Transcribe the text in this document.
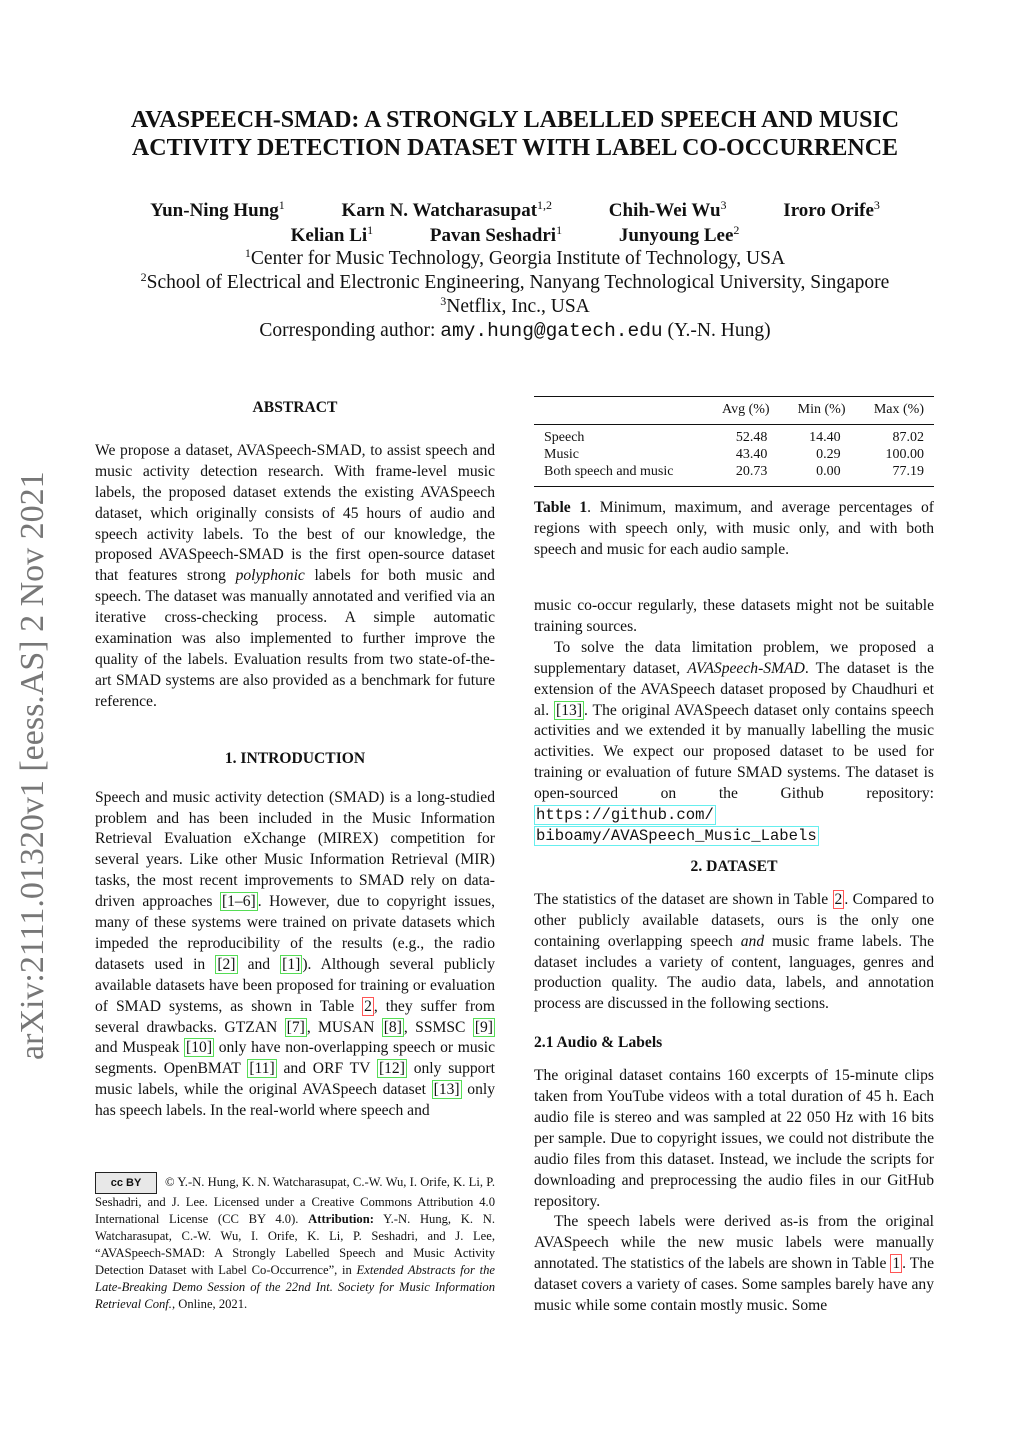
arXiv:2111.01320v1 [eess.AS] 2 Nov 2021
AVASPEECH-SMAD: A STRONGLY LABELLED SPEECH AND MUSIC ACTIVITY DETECTION DATASET WITH LABEL CO-OCCURRENCE
Yun-Ning Hung$^1$	Karn N. Watcharasupat$^{1,2}$	Chih-Wei Wu$^3$	Iroro Orife$^3$
Kelian Li$^1$	Pavan Seshadri$^1$	Junyoung Lee$^2$
$^1$Center for Music Technology, Georgia Institute of Technology, USA
$^2$School of Electrical and Electronic Engineering, Nanyang Technological University, Singapore
$^3$Netflix, Inc., USA
Corresponding author: amy.hung@gatech.edu (Y.-N. Hung)
ABSTRACT

We propose a dataset, AVASpeech-SMAD, to assist speech and music activity detection research. With frame-level music labels, the proposed dataset extends the existing AVASpeech dataset, which originally consists of 45 hours of audio and speech activity labels. To the best of our knowledge, the proposed AVASpeech-SMAD is the first open-source dataset that features strong polyphonic labels for both music and speech. The dataset was manually annotated and verified via an iterative cross-checking process. A simple automatic examination was also implemented to further improve the quality of the labels. Evaluation results from two state-of-the-art SMAD systems are also provided as a benchmark for future reference.

1. INTRODUCTION

Speech and music activity detection (SMAD) is a long-studied problem and has been included in the Music Information Retrieval Evaluation eXchange (MIREX) competition for several years. Like other Music Information Retrieval (MIR) tasks, the most recent improvements to SMAD rely on data-driven approaches [1–6] . However, due to copyright issues, many of these systems were trained on private datasets which impeded the reproducibility of the results (e.g., the radio datasets used in [2] and [1] ). Although several publicly available datasets have been proposed for training or evaluation of SMAD systems, as shown in Table 2 , they suffer from several drawbacks. GTZAN [7] , MUSAN [8] , SSMSC [9] and Muspeak [10] only have non-overlapping speech or music segments. OpenBMAT [11] and ORF TV [12] only support music labels, while the original AVASpeech dataset [13] only has speech labels. In the real-world where speech and

cc BY © Y.-N. Hung, K. N. Watcharasupat, C.-W. Wu, I. Orife, K. Li, P. Seshadri, and J. Lee. Licensed under a Creative Commons Attribution 4.0 International License (CC BY 4.0). Attribution: Y.-N. Hung, K. N. Watcharasupat, C.-W. Wu, I. Orife, K. Li, P. Seshadri, and J. Lee, “AVASpeech-SMAD: A Strongly Labelled Speech and Music Activity Detection Dataset with Label Co-Occurrence”, in Extended Abstracts for the Late-Breaking Demo Session of the 22nd Int. Society for Music Information Retrieval Conf., Online, 2021.
	Avg (%)	Min (%)	Max (%)
Speech	52.48	14.40	87.02
Music	43.40	0.29	100.00
Both speech and music	20.73	0.00	77.19

Table 1. Minimum, maximum, and average percentages of regions with speech only, with music only, and with both speech and music for each audio sample.

music co-occur regularly, these datasets might not be suitable training sources.

To solve the data limitation problem, we proposed a supplementary dataset, AVASpeech-SMAD. The dataset is the extension of the AVASpeech dataset proposed by Chaudhuri et al. [13] . The original AVASpeech dataset only contains speech activities and we extended it by manually labelling the music activities. We expect our proposed dataset to be used for training or evaluation of future SMAD systems. The dataset is open-sourced on the Github repository: https://github.com/ biboamy/AVASpeech_Music_Labels

2. DATASET

The statistics of the dataset are shown in Table 2 . Compared to other publicly available datasets, ours is the only one containing overlapping speech and music frame labels. The dataset includes a variety of content, languages, genres and production quality. The audio data, labels, and annotation process are discussed in the following sections.

2.1 Audio & Labels

The original dataset contains 160 excerpts of 15-minute clips taken from YouTube videos with a total duration of 45 h. Each audio file is stereo and was sampled at 22 050 Hz with 16 bits per sample. Due to copyright issues, we could not distribute the audio files from this dataset. Instead, we include the scripts for downloading and preprocessing the audio files in our GitHub repository.

The speech labels were derived as-is from the original AVASpeech while the new music labels were manually annotated. The statistics of the labels are shown in Table 1 . The dataset covers a variety of cases. Some samples barely have any music while some contain mostly music. Some
